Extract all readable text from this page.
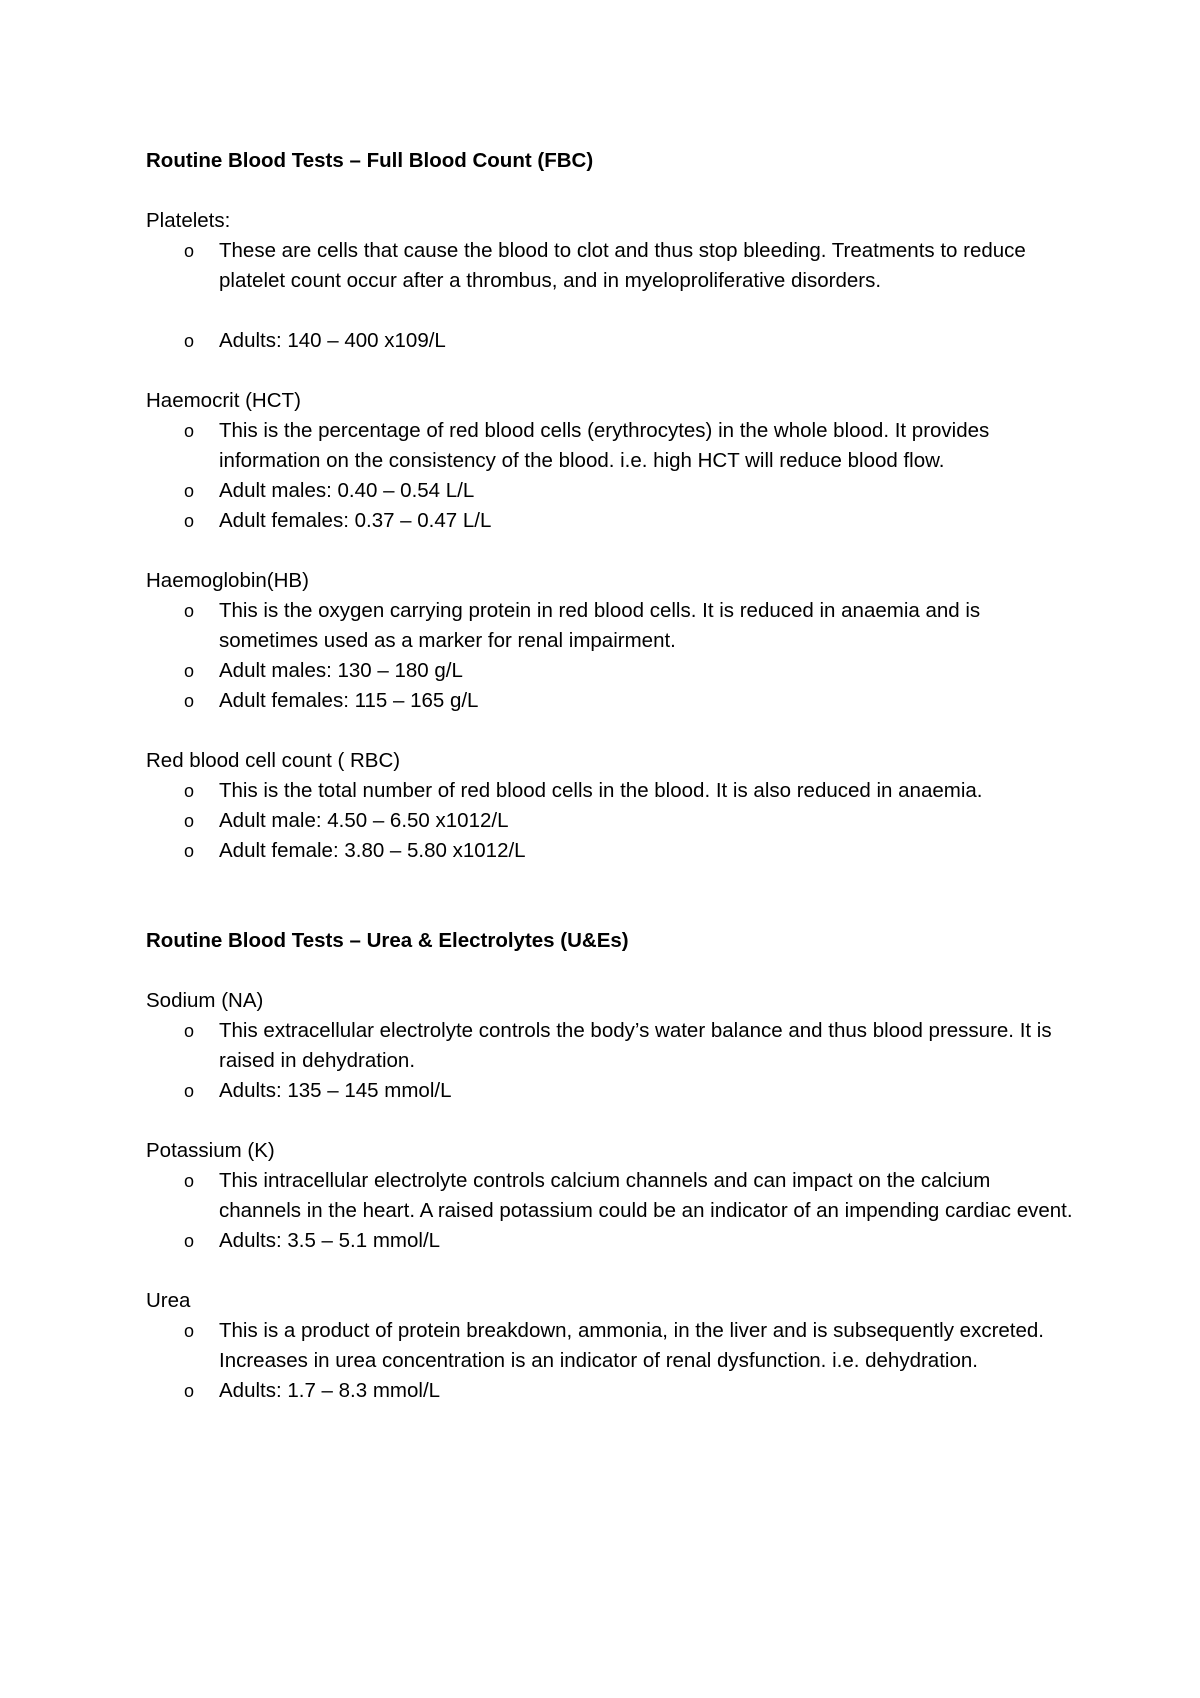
Routine Blood Tests – Full Blood Count (FBC)

Platelets:

o These are cells that cause the blood to clot and thus stop bleeding. Treatments to reduce platelet count occur after a thrombus, and in myeloproliferative disorders.
o Adults: 140 – 400 x109/L

Haemocrit (HCT)

o This is the percentage of red blood cells (erythrocytes) in the whole blood. It provides information on the consistency of the blood. i.e. high HCT will reduce blood flow.
o Adult males: 0.40 – 0.54 L/L
o Adult females: 0.37 – 0.47 L/L

Haemoglobin(HB)

o This is the oxygen carrying protein in red blood cells. It is reduced in anaemia and is sometimes used as a marker for renal impairment.
o Adult males: 130 – 180 g/L
o Adult females: 115 – 165 g/L

Red blood cell count ( RBC)

o This is the total number of red blood cells in the blood. It is also reduced in anaemia.
o Adult male: 4.50 – 6.50 x1012/L
o Adult female: 3.80 – 5.80 x1012/L

Routine Blood Tests – Urea & Electrolytes (U&Es)

Sodium (NA)

o This extracellular electrolyte controls the body’s water balance and thus blood pressure. It is raised in dehydration.
o Adults: 135 – 145 mmol/L

Potassium (K)

o This intracellular electrolyte controls calcium channels and can impact on the calcium channels in the heart. A raised potassium could be an indicator of an impending cardiac event.
o Adults: 3.5 – 5.1 mmol/L

Urea

o This is a product of protein breakdown, ammonia, in the liver and is subsequently excreted. Increases in urea concentration is an indicator of renal dysfunction. i.e. dehydration.
o Adults: 1.7 – 8.3 mmol/L
